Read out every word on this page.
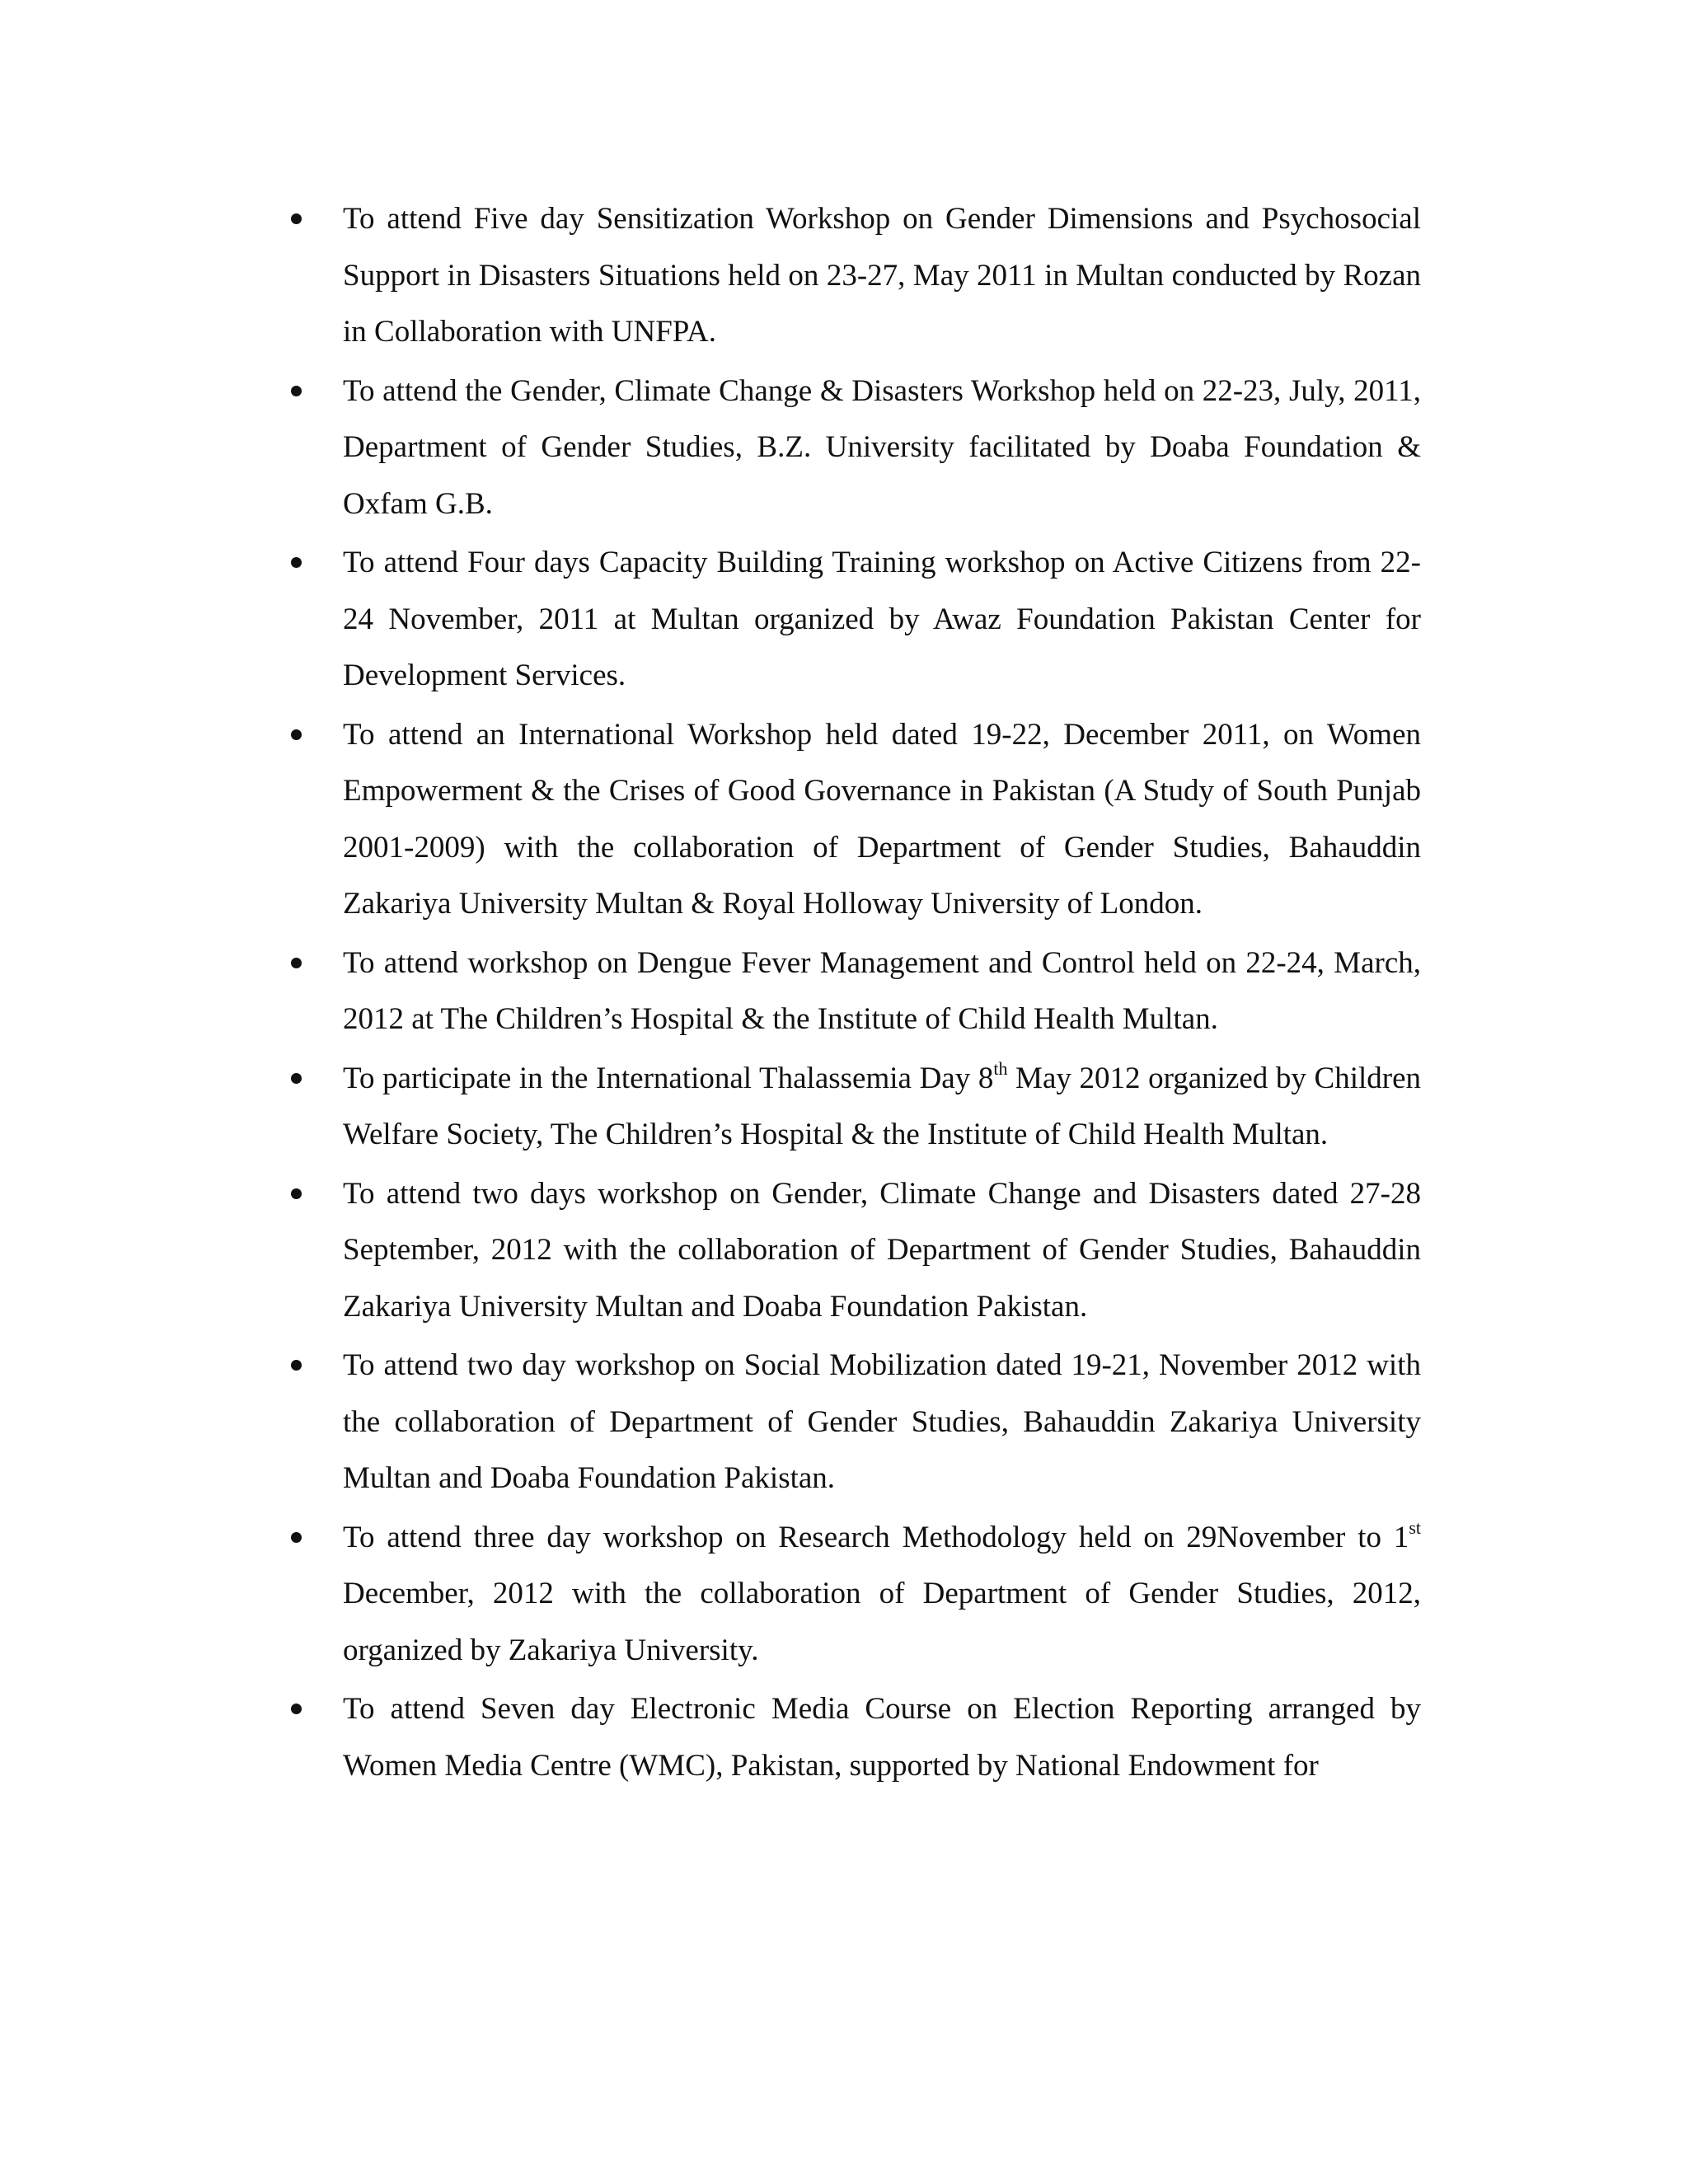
To attend Five day Sensitization Workshop on Gender Dimensions and Psychosocial Support in Disasters Situations held on 23-27, May 2011 in Multan conducted by Rozan in Collaboration with UNFPA.
To attend the Gender, Climate Change & Disasters Workshop held on 22-23, July, 2011, Department of Gender Studies, B.Z. University facilitated by Doaba Foundation & Oxfam G.B.
To attend Four days Capacity Building Training workshop on Active Citizens from 22-24 November, 2011 at Multan organized by Awaz Foundation Pakistan Center for Development Services.
To attend an International Workshop held dated 19-22, December 2011, on Women Empowerment & the Crises of Good Governance in Pakistan (A Study of South Punjab 2001-2009) with the collaboration of Department of Gender Studies, Bahauddin Zakariya University Multan & Royal Holloway University of London.
To attend workshop on Dengue Fever Management and Control held on 22-24, March, 2012 at The Children’s Hospital & the Institute of Child Health Multan.
To participate in the International Thalassemia Day 8th May 2012 organized by Children Welfare Society, The Children’s Hospital & the Institute of Child Health Multan.
To attend two days workshop on Gender, Climate Change and Disasters dated 27-28 September, 2012 with the collaboration of Department of Gender Studies, Bahauddin Zakariya University Multan and Doaba Foundation Pakistan.
To attend two day workshop on Social Mobilization dated 19-21, November 2012 with the collaboration of Department of Gender Studies, Bahauddin Zakariya University Multan and Doaba Foundation Pakistan.
To attend three day workshop on Research Methodology held on 29November to 1st December, 2012 with the collaboration of Department of Gender Studies, 2012, organized by Zakariya University.
To attend Seven day Electronic Media Course on Election Reporting arranged by Women Media Centre (WMC), Pakistan, supported by National Endowment for
